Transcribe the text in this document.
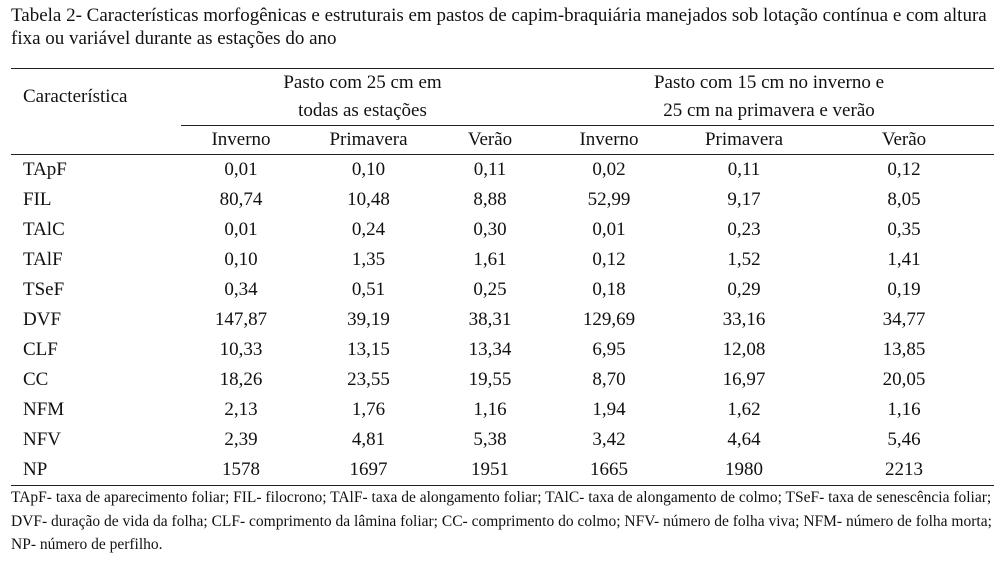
Tabela 2- Características morfogênicas e estruturais em pastos de capim-braquiária manejados sob lotação contínua e com altura fixa ou variável durante as estações do ano

Característica	Pasto com 25 cm em			Pasto com 15 cm no inverno e		
	todas as estações			25 cm na primavera e verão		
	Inverno	Primavera	Verão	Inverno	Primavera	Verão
TApF	0,01	0,10	0,11	0,02	0,11	0,12
FIL	80,74	10,48	8,88	52,99	9,17	8,05
TAlC	0,01	0,24	0,30	0,01	0,23	0,35
TAlF	0,10	1,35	1,61	0,12	1,52	1,41
TSeF	0,34	0,51	0,25	0,18	0,29	0,19
DVF	147,87	39,19	38,31	129,69	33,16	34,77
CLF	10,33	13,15	13,34	6,95	12,08	13,85
CC	18,26	23,55	19,55	8,70	16,97	20,05
NFM	2,13	1,76	1,16	1,94	1,62	1,16
NFV	2,39	4,81	5,38	3,42	4,64	5,46
NP	1578	1697	1951	1665	1980	2213

TApF- taxa de aparecimento foliar; FIL- filocrono; TAlF- taxa de alongamento foliar; TAlC- taxa de alongamento de colmo; TSeF- taxa de senescência foliar; DVF- duração de vida da folha; CLF- comprimento da lâmina foliar; CC- comprimento do colmo; NFV- número de folha viva; NFM- número de folha morta; NP- número de perfilho.
